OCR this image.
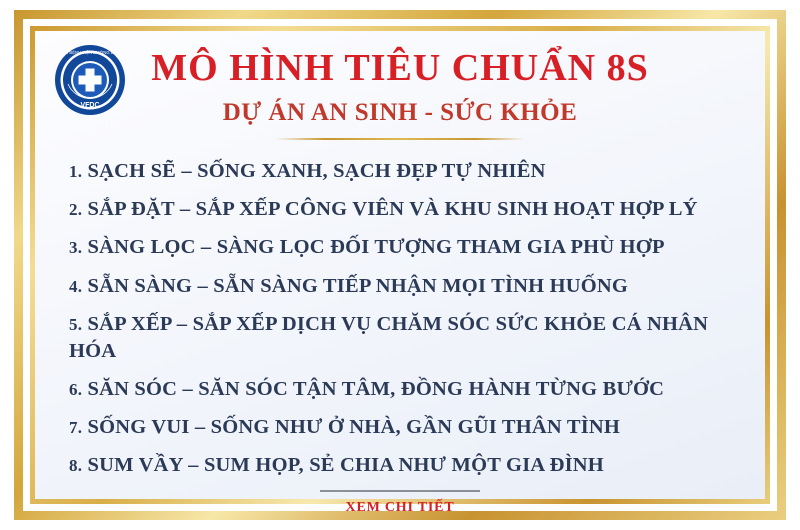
VFDC
HỘI BỆNH VIỆN DƯỠNG LÃO MÔ HÌNH TIÊU CHUẨN 8S
DỰ ÁN AN SINH - SỨC KHỎE
1. SẠCH SẼ – SỐNG XANH, SẠCH ĐẸP TỰ NHIÊN
2. SẮP ĐẶT – SẮP XẾP CÔNG VIÊN VÀ KHU SINH HOẠT HỢP LÝ
3. SÀNG LỌC – SÀNG LỌC ĐỐI TƯỢNG THAM GIA PHÙ HỢP
4. SẴN SÀNG – SẴN SÀNG TIẾP NHẬN MỌI TÌNH HUỐNG
5. SẮP XẾP – SẮP XẾP DỊCH VỤ CHĂM SÓC SỨC KHỎE CÁ NHÂN HÓA
6. SĂN SÓC – SĂN SÓC TẬN TÂM, ĐỒNG HÀNH TỪNG BƯỚC
7. SỐNG VUI – SỐNG NHƯ Ở NHÀ, GẦN GŨI THÂN TÌNH
8. SUM VẦY – SUM HỌP, SẺ CHIA NHƯ MỘT GIA ĐÌNH
XEM CHI TIẾT
